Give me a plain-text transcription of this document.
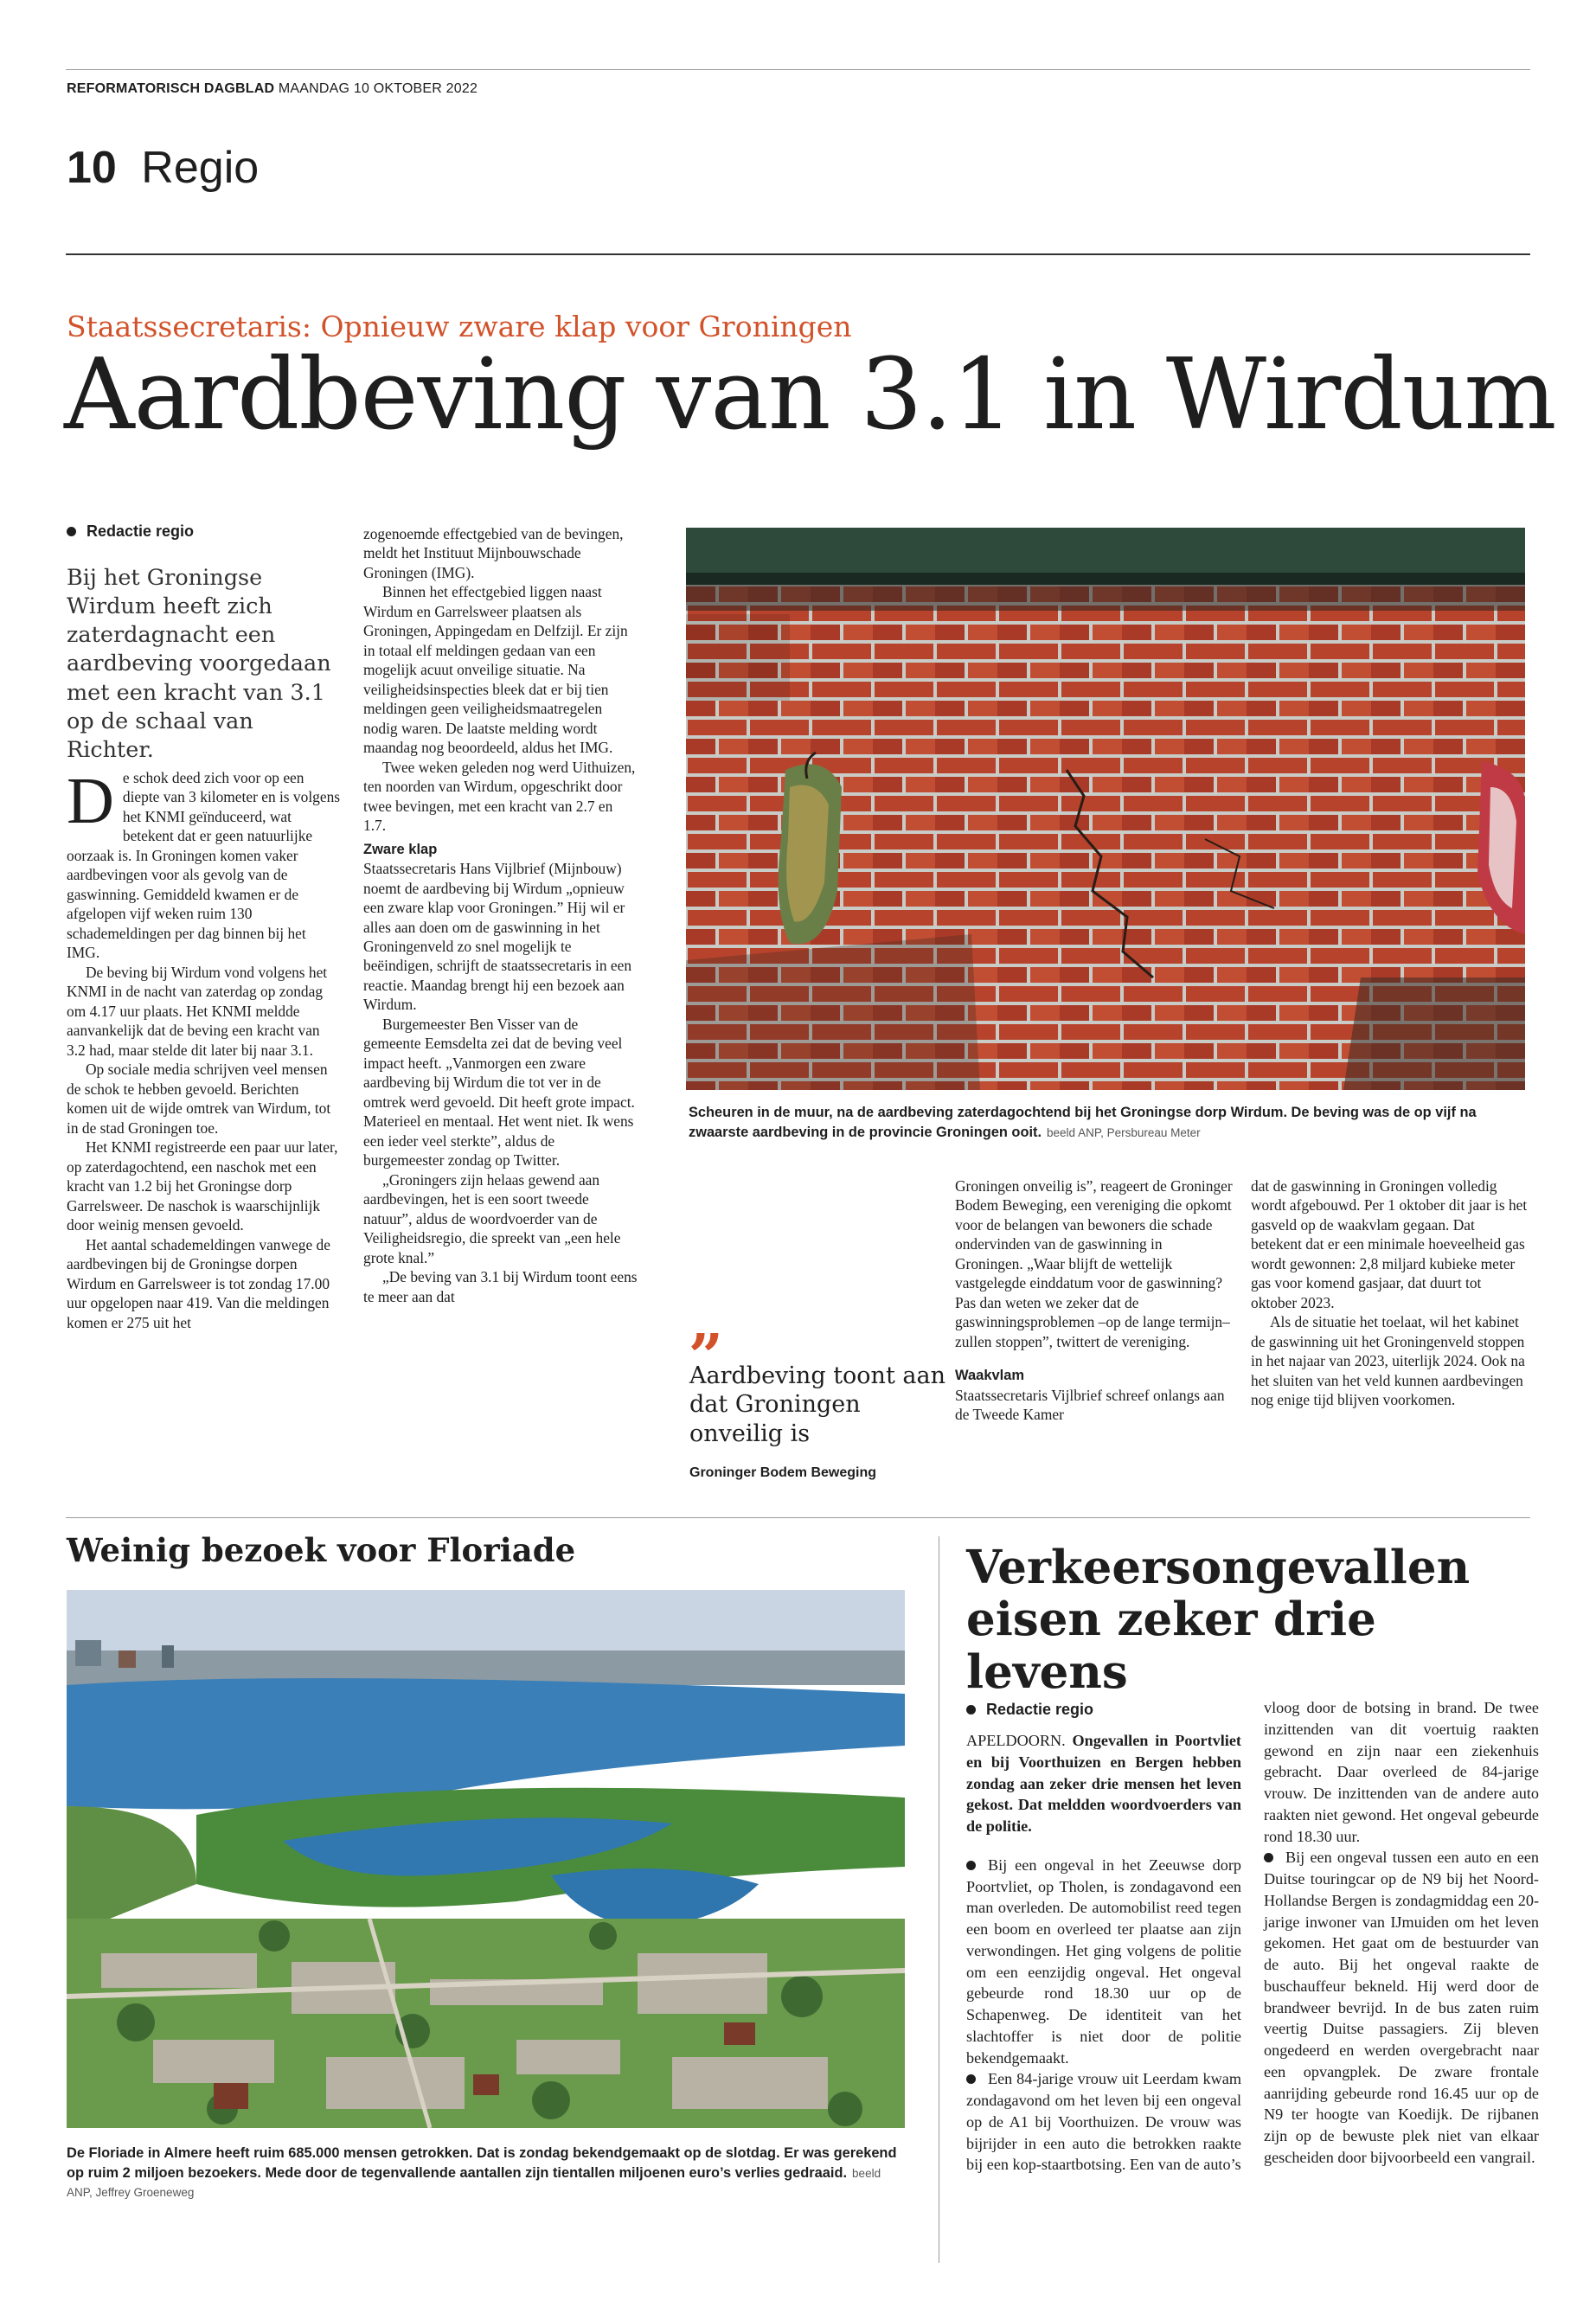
REFORMATORISCH DAGBLAD MAANDAG 10 OKTOBER 2022
10 Regio
Staatssecretaris: Opnieuw zware klap voor Groningen
Aardbeving van 3.1 in Wirdum
Redactie regio
Bij het Groningse Wirdum heeft zich zaterdagnacht een aardbeving voorgedaan met een kracht van 3.1 op de schaal van Richter.

De schok deed zich voor op een diepte van 3 kilometer en is volgens het KNMI geïnduceerd, wat betekent dat er geen natuurlijke oorzaak is. In Groningen komen vaker aardbevingen voor als gevolg van de gaswinning. Gemiddeld kwamen er de afgelopen vijf weken ruim 130 schademeldingen per dag binnen bij het IMG.

De beving bij Wirdum vond volgens het KNMI in de nacht van zaterdag op zondag om 4.17 uur plaats. Het KNMI meldde aanvankelijk dat de beving een kracht van 3.2 had, maar stelde dit later bij naar 3.1.

Op sociale media schrijven veel mensen de schok te hebben gevoeld. Berichten komen uit de wijde omtrek van Wirdum, tot in de stad Groningen toe.

Het KNMI registreerde een paar uur later, op zaterdagochtend, een naschok met een kracht van 1.2 bij het Groningse dorp Garrelsweer. De naschok is waarschijnlijk door weinig mensen gevoeld.

Het aantal schademeldingen vanwege de aardbevingen bij de Groningse dorpen Wirdum en Garrelsweer is tot zondag 17.00 uur opgelopen naar 419. Van die meldingen komen er 275 uit het

zogenoemde effectgebied van de bevingen, meldt het Instituut Mijnbouwschade Groningen (IMG).

Binnen het effectgebied liggen naast Wirdum en Garrelsweer plaatsen als Groningen, Appingedam en Delfzijl. Er zijn in totaal elf meldingen gedaan van een mogelijk acuut onveilige situatie. Na veiligheidsinspecties bleek dat er bij tien meldingen geen veiligheidsmaatregelen nodig waren. De laatste melding wordt maandag nog beoordeeld, aldus het IMG.

Twee weken geleden nog werd Uithuizen, ten noorden van Wirdum, opgeschrikt door twee bevingen, met een kracht van 2.7 en 1.7.

Zware klap

Staatssecretaris Hans Vijlbrief (Mijnbouw) noemt de aardbeving bij Wirdum „opnieuw een zware klap voor Groningen.” Hij wil er alles aan doen om de gaswinning in het Groningenveld zo snel mogelijk te beëindigen, schrijft de staatssecretaris in een reactie. Maandag brengt hij een bezoek aan Wirdum.

Burgemeester Ben Visser van de gemeente Eemsdelta zei dat de beving veel impact heeft. „Vanmorgen een zware aardbeving bij Wirdum die tot ver in de omtrek werd gevoeld. Dit heeft grote impact. Materieel en mentaal. Het went niet. Ik wens een ieder veel sterkte”, aldus de burgemeester zondag op Twitter.

„Groningers zijn helaas gewend aan aardbevingen, het is een soort tweede natuur”, aldus de woordvoerder van de Veiligheidsregio, die spreekt van „een hele grote knal.”

„De beving van 3.1 bij Wirdum toont eens te meer aan dat

Scheuren in de muur, na de aardbeving zaterdagochtend bij het Groningse dorp Wirdum. De beving was de op vijf na zwaarste aardbeving in de provincie Groningen ooit. beeld ANP, Persbureau Meter
„
Aardbeving toont aan dat Groningen onveilig is
Groninger Bodem Beweging

Groningen onveilig is”, reageert de Groninger Bodem Beweging, een vereniging die opkomt voor de belangen van bewoners die schade ondervinden van de gaswinning in Groningen. „Waar blijft de wettelijk vastgelegde einddatum voor de gaswinning? Pas dan weten we zeker dat de gaswinningsproblemen –op de lange termijn– zullen stoppen”, twittert de vereniging.

Waakvlam

Staatssecretaris Vijlbrief schreef onlangs aan de Tweede Kamer

dat de gaswinning in Groningen volledig wordt afgebouwd. Per 1 oktober dit jaar is het gasveld op de waakvlam gegaan. Dat betekent dat er een minimale hoeveelheid gas wordt gewonnen: 2,8 miljard kubieke meter gas voor komend gasjaar, dat duurt tot oktober 2023.

Als de situatie het toelaat, wil het kabinet de gaswinning uit het Groningenveld stoppen in het najaar van 2023, uiterlijk 2024. Ook na het sluiten van het veld kunnen aardbevingen nog enige tijd blijven voorkomen.

Weinig bezoek voor Floriade
De Floriade in Almere heeft ruim 685.000 mensen getrokken. Dat is zondag bekendgemaakt op de slotdag. Er was gerekend op ruim 2 miljoen bezoekers. Mede door de tegenvallende aantallen zijn tientallen miljoenen euro’s verlies gedraaid. beeld ANP, Jeffrey Groeneweg
Verkeersongevallen eisen zeker drie levens
Redactie regio

APELDOORN. Ongevallen in Poortvliet en bij Voorthuizen en Bergen hebben zondag aan zeker drie mensen het leven gekost. Dat meldden woordvoerders van de politie.

Bij een ongeval in het Zeeuwse dorp Poortvliet, op Tholen, is zondagavond een man overleden. De automobilist reed tegen een boom en overleed ter plaatse aan zijn verwondingen. Het ging volgens de politie om een eenzijdig ongeval. Het ongeval gebeurde rond 18.30 uur op de Schapenweg. De identiteit van het slachtoffer is niet door de politie bekendgemaakt.

Een 84-jarige vrouw uit Leerdam kwam zondagavond om het leven bij een ongeval op de A1 bij Voorthuizen. De vrouw was bijrijder in een auto die betrokken raakte bij een kop-staartbotsing. Een van de auto’s

vloog door de botsing in brand. De twee inzittenden van dit voertuig raakten gewond en zijn naar een ziekenhuis gebracht. Daar overleed de 84-jarige vrouw. De inzittenden van de andere auto raakten niet gewond. Het ongeval gebeurde rond 18.30 uur.

Bij een ongeval tussen een auto en een Duitse touringcar op de N9 bij het Noord-Hollandse Bergen is zondagmiddag een 20-jarige inwoner van IJmuiden om het leven gekomen. Het gaat om de bestuurder van de auto. Bij het ongeval raakte de buschauffeur bekneld. Hij werd door de brandweer bevrijd. In de bus zaten ruim veertig Duitse passagiers. Zij bleven ongedeerd en werden overgebracht naar een opvangplek. De zware frontale aanrijding gebeurde rond 16.45 uur op de N9 ter hoogte van Koedijk. De rijbanen zijn op de bewuste plek niet van elkaar gescheiden door bijvoorbeeld een vangrail.
